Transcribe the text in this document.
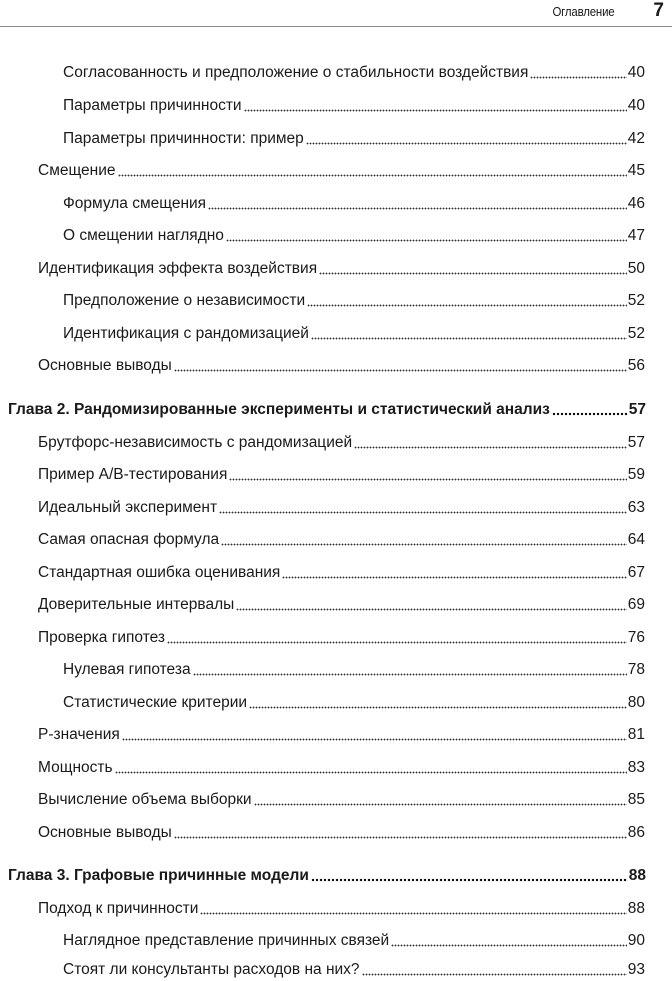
Оглавление 7
Согласованность и предположение о стабильности воздействия	40
Параметры причинности	40
Параметры причинности: пример	42
Смещение	45
Формула смещения	46
О смещении наглядно	47
Идентификация эффекта воздействия	50
Предположение о независимости	52
Идентификация с рандомизацией	52
Основные выводы	56
Глава 2. Рандомизированные эксперименты и статистический анализ	57
Брутфорс-независимость с рандомизацией	57
Пример A/B-тестирования	59
Идеальный эксперимент	63
Самая опасная формула	64
Стандартная ошибка оценивания	67
Доверительные интервалы	69
Проверка гипотез	76
Нулевая гипотеза	78
Статистические критерии	80
P-значения	81
Мощность	83
Вычисление объема выборки	85
Основные выводы	86
Глава 3. Графовые причинные модели	88
Подход к причинности	88
Наглядное представление причинных связей	90
Стоят ли консультанты расходов на них?	93
